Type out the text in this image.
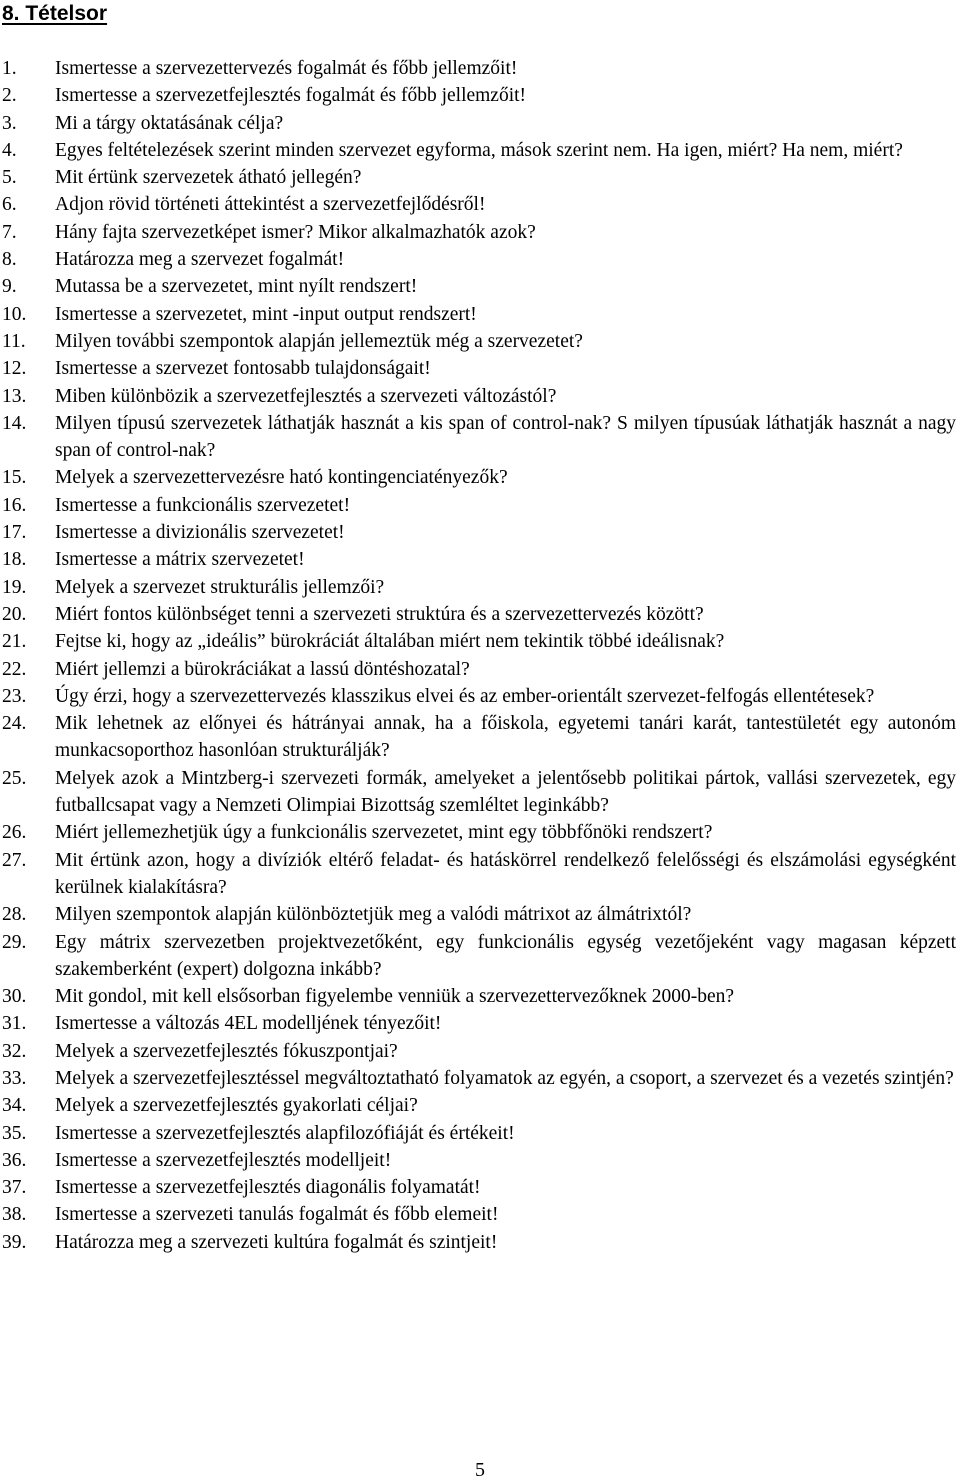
8. Tételsor
1.	Ismertesse a szervezettervezés fogalmát és főbb jellemzőit!
2.	Ismertesse a szervezetfejlesztés fogalmát és főbb jellemzőit!
3.	Mi a tárgy oktatásának célja?
4.	Egyes feltételezések szerint minden szervezet egyforma, mások szerint nem. Ha igen, miért? Ha nem, miért?
5.	Mit értünk szervezetek átható jellegén?
6.	Adjon rövid történeti áttekintést a szervezetfejlődésről!
7.	Hány fajta szervezetképet ismer? Mikor alkalmazhatók azok?
8.	Határozza meg a szervezet fogalmát!
9.	Mutassa be a szervezetet, mint nyílt rendszert!
10.	Ismertesse a szervezetet, mint -input output rendszert!
11.	Milyen további szempontok alapján jellemeztük még a szervezetet?
12.	Ismertesse a szervezet fontosabb tulajdonságait!
13.	Miben különbözik a szervezetfejlesztés a szervezeti változástól?
14.	Milyen típusú szervezetek láthatják hasznát a kis span of control-nak? S milyen típusúak láthatják hasznát a nagy span of control-nak?
15.	Melyek a szervezettervezésre ható kontingenciatényezők?
16.	Ismertesse a funkcionális szervezetet!
17.	Ismertesse a divizionális szervezetet!
18.	Ismertesse a mátrix szervezetet!
19.	Melyek a szervezet strukturális jellemzői?
20.	Miért fontos különbséget tenni a szervezeti struktúra és a szervezettervezés között?
21.	Fejtse ki, hogy az „ideális” bürokráciát általában miért nem tekintik többé ideálisnak?
22.	Miért jellemzi a bürokráciákat a lassú döntéshozatal?
23.	Úgy érzi, hogy a szervezettervezés klasszikus elvei és az ember-orientált szervezet-felfogás ellentétesek?
24.	Mik lehetnek az előnyei és hátrányai annak, ha a főiskola, egyetemi tanári karát, tantestületét egy autonóm munkacsoporthoz hasonlóan strukturálják?
25.	Melyek azok a Mintzberg-i szervezeti formák, amelyeket a jelentősebb politikai pártok, vallási szervezetek, egy futballcsapat vagy a Nemzeti Olimpiai Bizottság szemléltet leginkább?
26.	Miért jellemezhetjük úgy a funkcionális szervezetet, mint egy többfőnöki rendszert?
27.	Mit értünk azon, hogy a divíziók eltérő feladat- és hatáskörrel rendelkező felelősségi és elszámolási egységként kerülnek kialakításra?
28.	Milyen szempontok alapján különböztetjük meg a valódi mátrixot az álmátrixtól?
29.	Egy mátrix szervezetben projektvezetőként, egy funkcionális egység vezetőjeként vagy magasan képzett szakemberként (expert) dolgozna inkább?
30.	Mit gondol, mit kell elsősorban figyelembe venniük a szervezettervezőknek 2000-ben?
31.	Ismertesse a változás 4EL modelljének tényezőit!
32.	Melyek a szervezetfejlesztés fókuszpontjai?
33.	Melyek a szervezetfejlesztéssel megváltoztatható folyamatok az egyén, a csoport, a szervezet és a vezetés szintjén?
34.	Melyek a szervezetfejlesztés gyakorlati céljai?
35.	Ismertesse a szervezetfejlesztés alapfilozófiáját és értékeit!
36.	Ismertesse a szervezetfejlesztés modelljeit!
37.	Ismertesse a szervezetfejlesztés diagonális folyamatát!
38.	Ismertesse a szervezeti tanulás fogalmát és főbb elemeit!
39.	Határozza meg a szervezeti kultúra fogalmát és szintjeit!
5
